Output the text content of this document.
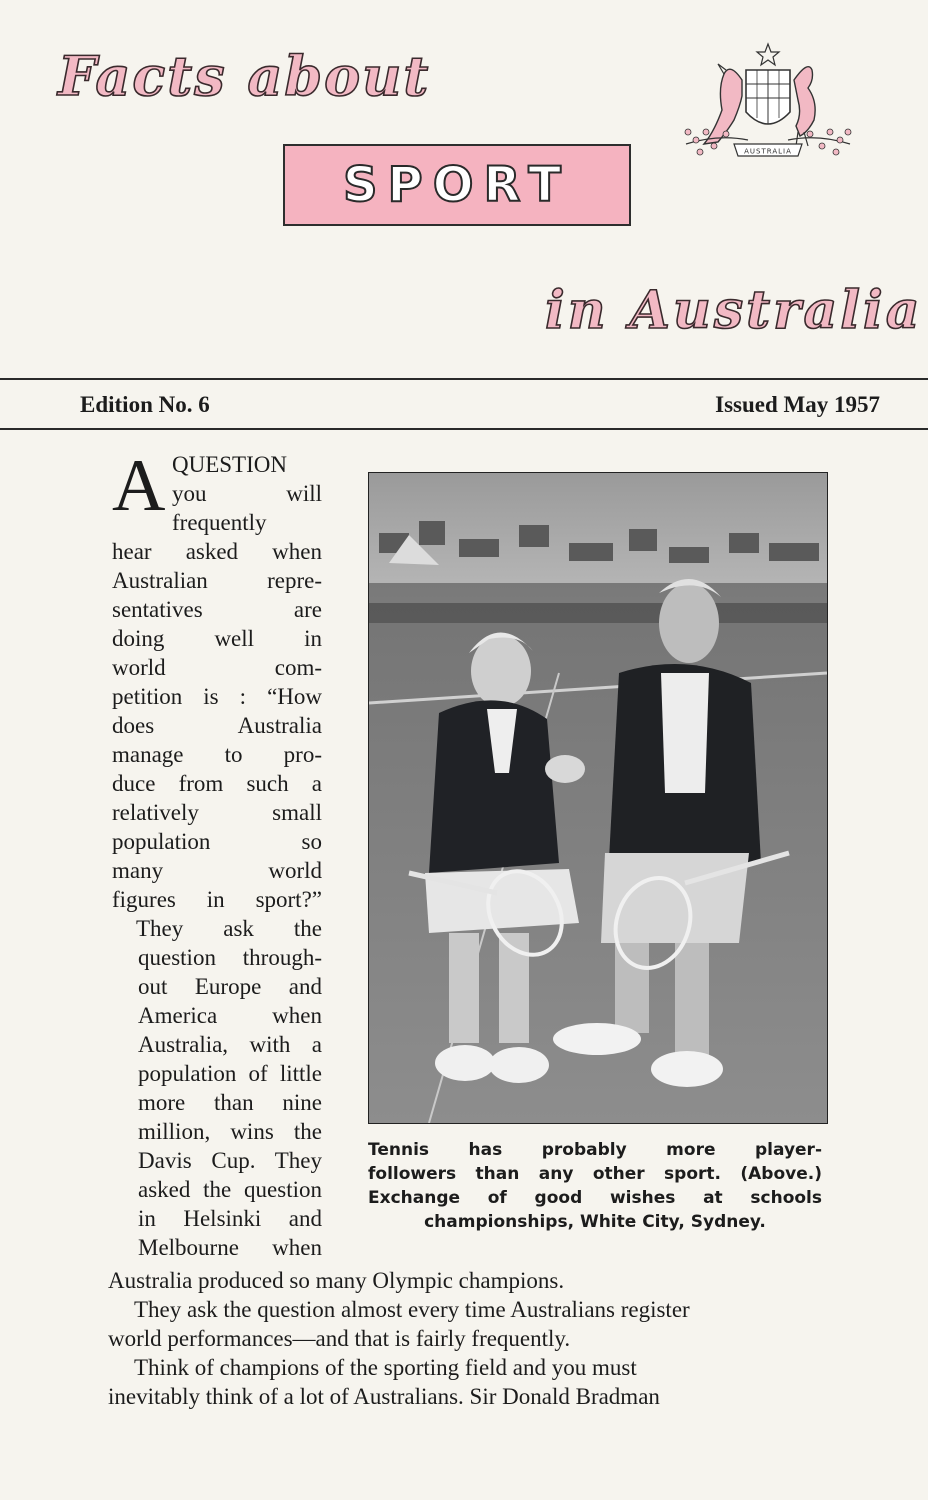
Facts about
SPORT
in Australia
AUSTRALIA
Edition No. 6	Issued May 1957
A QUESTION
you will
frequently
hear asked when
Australian repre-
sentatives are
doing well in
world com-
petition is : “How
does Australia
manage to pro-
duce from such a
relatively small
population so
many world
figures in sport?”
They ask the
question through-
out Europe and
America when
Australia, with a
population of little
more than nine
million, wins the
Davis Cup. They
asked the question
in Helsinki and
Melbourne when
Tennis has probably more player-
followers than any other sport. (Above.)
Exchange of good wishes at schools
championships, White City, Sydney.
Australia produced so many Olympic champions.
They ask the question almost every time Australians register
world performances—and that is fairly frequently.
Think of champions of the sporting field and you must
inevitably think of a lot of Australians. Sir Donald Bradman
